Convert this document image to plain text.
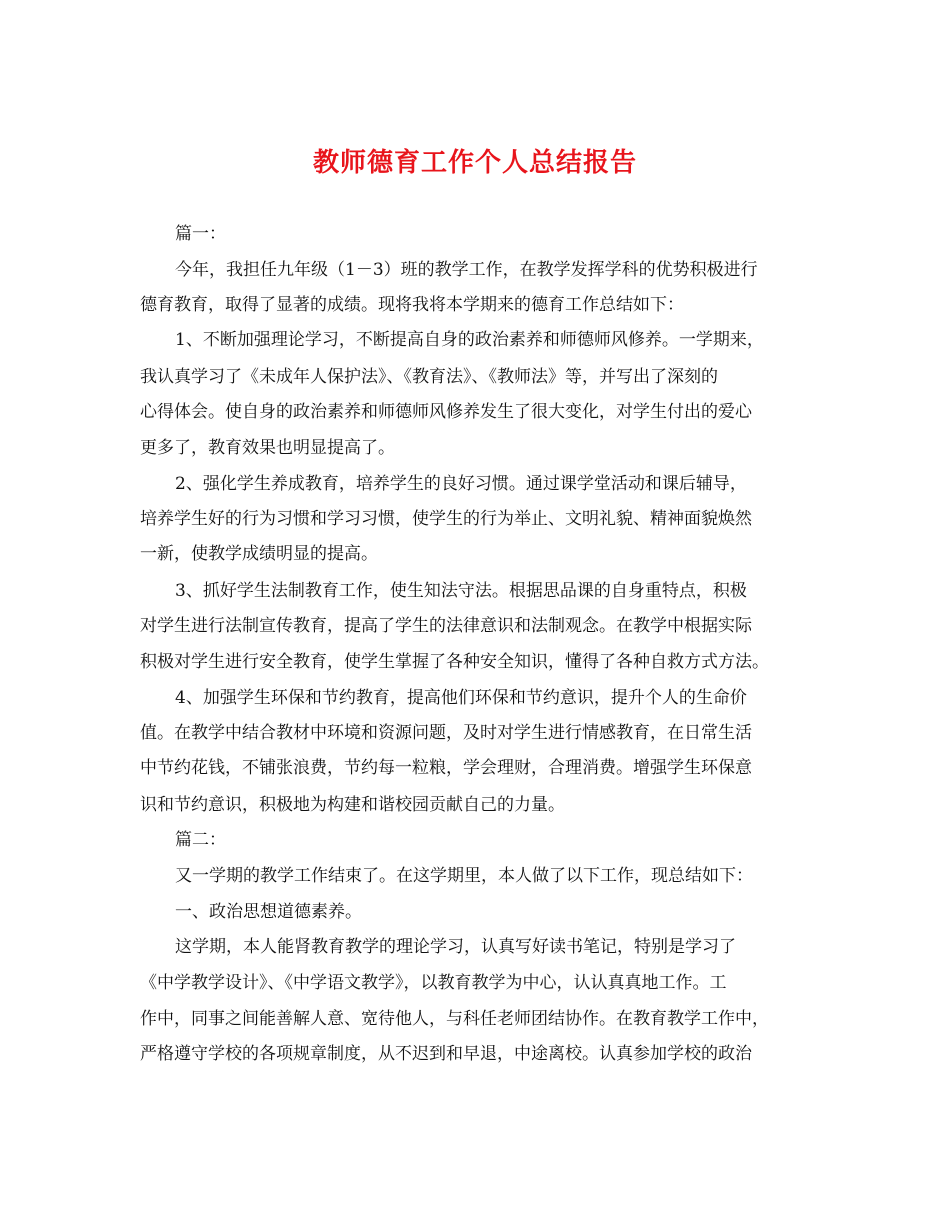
教师德育工作个人总结报告

篇一：

今年，我担任九年级（1－3）班的教学工作，在教学发挥学科的优势积极进行

德育教育，取得了显著的成绩。现将我将本学期来的德育工作总结如下：

1、不断加强理论学习，不断提高自身的政治素养和师德师风修养。一学期来，

我认真学习了《未成年人保护法》、《教育法》、《教师法》等，并写出了深刻的

心得体会。使自身的政治素养和师德师风修养发生了很大变化，对学生付出的爱心

更多了，教育效果也明显提高了。

2、强化学生养成教育，培养学生的良好习惯。通过课学堂活动和课后辅导，

培养学生好的行为习惯和学习习惯，使学生的行为举止、文明礼貌、精神面貌焕然

一新，使教学成绩明显的提高。

3、抓好学生法制教育工作，使生知法守法。根据思品课的自身重特点，积极

对学生进行法制宣传教育，提高了学生的法律意识和法制观念。在教学中根据实际

积极对学生进行安全教育，使学生掌握了各种安全知识，懂得了各种自救方式方法。

4、加强学生环保和节约教育，提高他们环保和节约意识，提升个人的生命价

值。在教学中结合教材中环境和资源问题，及时对学生进行情感教育，在日常生活

中节约花钱，不铺张浪费，节约每一粒粮，学会理财，合理消费。增强学生环保意

识和节约意识，积极地为构建和谐校园贡献自己的力量。

篇二：

又一学期的教学工作结束了。在这学期里，本人做了以下工作，现总结如下：

一、政治思想道德素养。

这学期，本人能肾教育教学的理论学习，认真写好读书笔记，特别是学习了

《中学教学设计》、《中学语文教学》，以教育教学为中心，认认真真地工作。工

作中，同事之间能善解人意、宽待他人，与科任老师团结协作。在教育教学工作中，

严格遵守学校的各项规章制度，从不迟到和早退，中途离校。认真参加学校的政治
